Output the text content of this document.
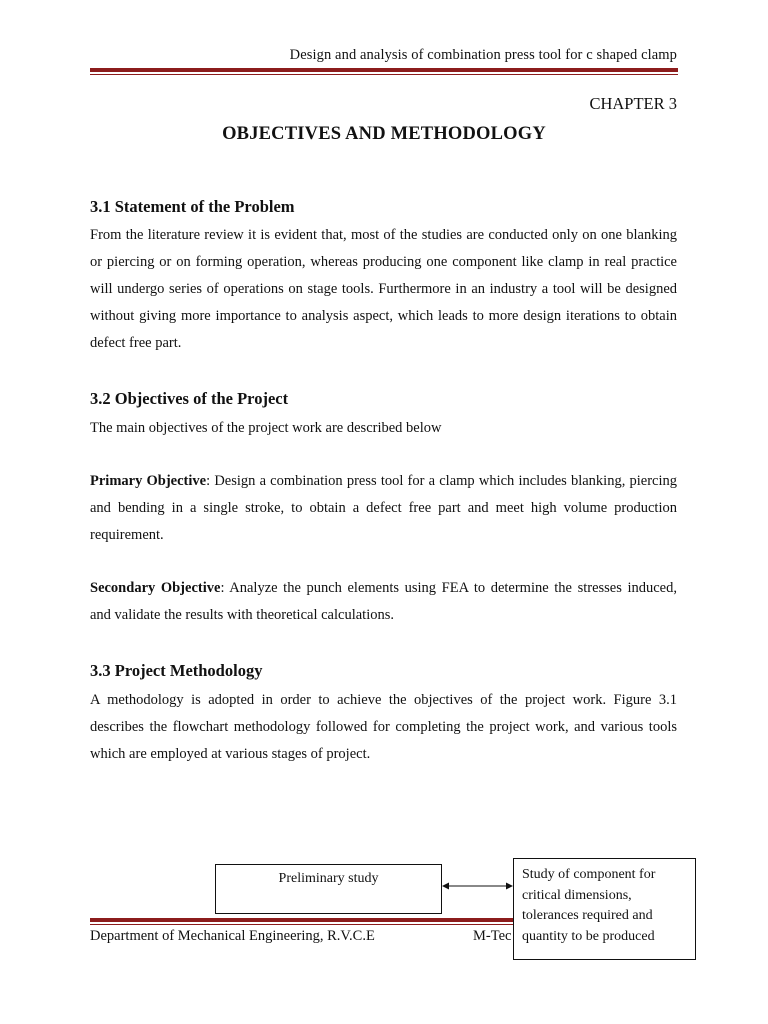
Design and analysis of combination press tool for c shaped clamp
CHAPTER 3
OBJECTIVES AND METHODOLOGY
3.1 Statement of the Problem
From the literature review it is evident that, most of the studies are conducted only on one blanking or piercing or on forming operation, whereas producing one component like clamp in real practice will undergo series of operations on stage tools. Furthermore in an industry a tool will be designed without giving more importance to analysis aspect, which leads to more design iterations to obtain defect free part.
3.2 Objectives of the Project
The main objectives of the project work are described below
Primary Objective: Design a combination press tool for a clamp which includes blanking, piercing and bending in a single stroke, to obtain a defect free part and meet high volume production requirement.
Secondary Objective: Analyze the punch elements using FEA to determine the stresses induced, and validate the results with theoretical calculations.
3.3 Project Methodology
A methodology is adopted in order to achieve the objectives of the project work. Figure 3.1 describes the flowchart methodology followed for completing the project work, and various tools which are employed at various stages of project.
Preliminary study	Study of component for
critical dimensions,
tolerances required and
quantity to be produced
Department of Mechanical Engineering, R.V.C.E	M-Tec
